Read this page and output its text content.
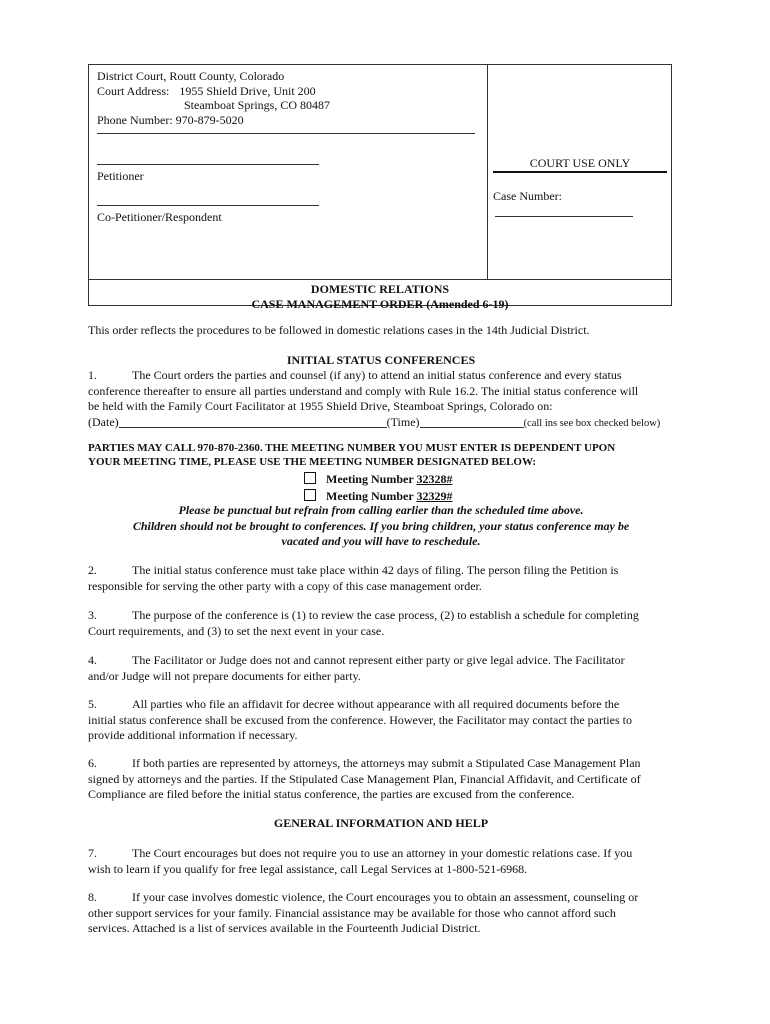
District Court, Routt County, Colorado
Court Address: 1955 Shield Drive, Unit 200
Steamboat Springs, CO 80487
Phone Number: 970-879-5020
Petitioner
Co-Petitioner/Respondent
COURT USE ONLY
Case Number:
DOMESTIC RELATIONS
CASE MANAGEMENT ORDER (Amended 6-19)
This order reflects the procedures to be followed in domestic relations cases in the 14th Judicial District.
INITIAL STATUS CONFERENCES
1.	The Court orders the parties and counsel (if any) to attend an initial status conference and every status
conference thereafter to ensure all parties understand and comply with Rule 16.2. The initial status conference will
be held with the Family Court Facilitator at 1955 Shield Drive, Steamboat Springs, Colorado on:
(Date)	(Time)	(call ins see box checked below)
PARTIES MAY CALL 970-870-2360. THE MEETING NUMBER YOU MUST ENTER IS DEPENDENT UPON
YOUR MEETING TIME, PLEASE USE THE MEETING NUMBER DESIGNATED BELOW:
Meeting Number 32328#
Meeting Number 32329#
Please be punctual but refrain from calling earlier than the scheduled time above.
Children should not be brought to conferences. If you bring children, your status conference may be
vacated and you will have to reschedule.
2.	The initial status conference must take place within 42 days of filing. The person filing the Petition is
responsible for serving the other party with a copy of this case management order.
3.	The purpose of the conference is (1) to review the case process, (2) to establish a schedule for completing
Court requirements, and (3) to set the next event in your case.
4.	The Facilitator or Judge does not and cannot represent either party or give legal advice. The Facilitator
and/or Judge will not prepare documents for either party.
5.	All parties who file an affidavit for decree without appearance with all required documents before the
initial status conference shall be excused from the conference. However, the Facilitator may contact the parties to
provide additional information if necessary.
6.	If both parties are represented by attorneys, the attorneys may submit a Stipulated Case Management Plan
signed by attorneys and the parties. If the Stipulated Case Management Plan, Financial Affidavit, and Certificate of
Compliance are filed before the initial status conference, the parties are excused from the conference.
GENERAL INFORMATION AND HELP
7.	The Court encourages but does not require you to use an attorney in your domestic relations case. If you
wish to learn if you qualify for free legal assistance, call Legal Services at 1-800-521-6968.
8.	If your case involves domestic violence, the Court encourages you to obtain an assessment, counseling or
other support services for your family. Financial assistance may be available for those who cannot afford such
services. Attached is a list of services available in the Fourteenth Judicial District.
